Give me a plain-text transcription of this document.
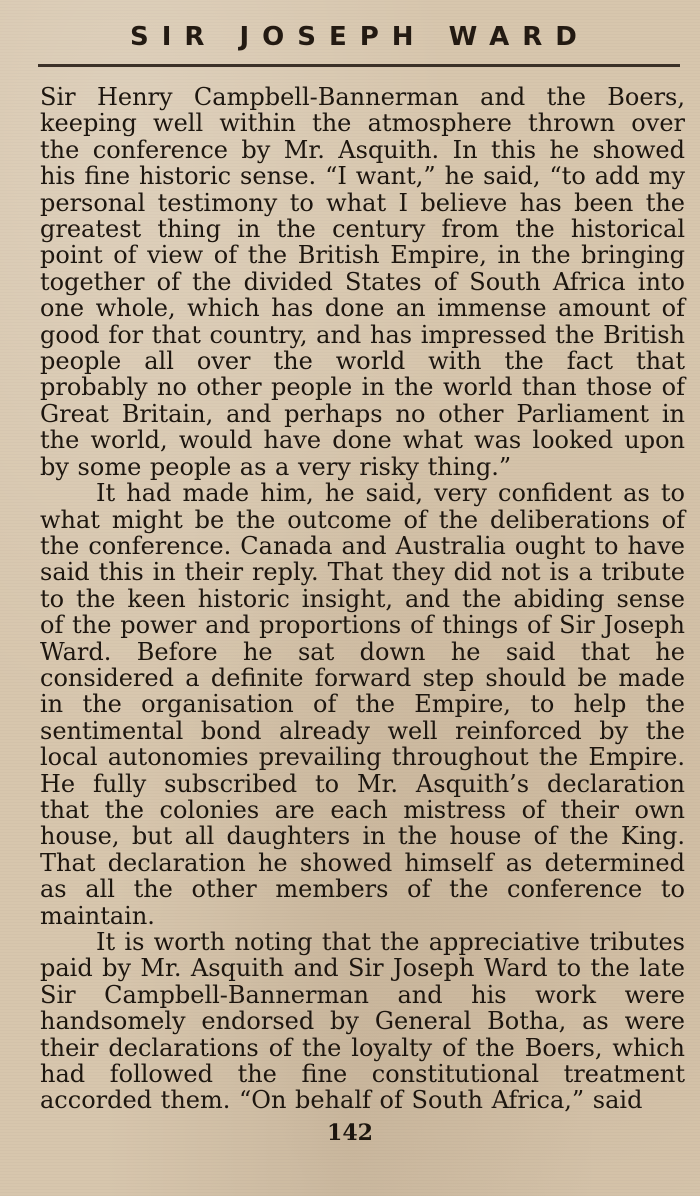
SIR JOSEPH WARD

Sir Henry Campbell-Bannerman and the Boers, keeping well within the atmosphere thrown over the conference by Mr. Asquith. In this he showed his fine historic sense. “I want,” he said, “to add my personal testimony to what I believe has been the greatest thing in the century from the historical point of view of the British Empire, in the bringing together of the divided States of South Africa into one whole, which has done an immense amount of good for that country, and has impressed the British people all over the world with the fact that probably no other people in the world than those of Great Britain, and perhaps no other Parliament in the world, would have done what was looked upon by some people as a very risky thing.”

It had made him, he said, very confident as to what might be the outcome of the deliberations of the conference. Canada and Australia ought to have said this in their reply. That they did not is a tribute to the keen historic insight, and the abiding sense of the power and proportions of things of Sir Joseph Ward. Before he sat down he said that he considered a definite forward step should be made in the organisation of the Empire, to help the sentimental bond already well reinforced by the local autonomies prevailing throughout the Empire. He fully subscribed to Mr. Asquith’s declaration that the colonies are each mistress of their own house, but all daughters in the house of the King. That declaration he showed himself as determined as all the other members of the conference to maintain.

It is worth noting that the appreciative tributes paid by Mr. Asquith and Sir Joseph Ward to the late Sir Campbell-Bannerman and his work were handsomely endorsed by General Botha, as were their declarations of the loyalty of the Boers, which had followed the fine constitutional treatment accorded them. “On behalf of South Africa,” said

142
